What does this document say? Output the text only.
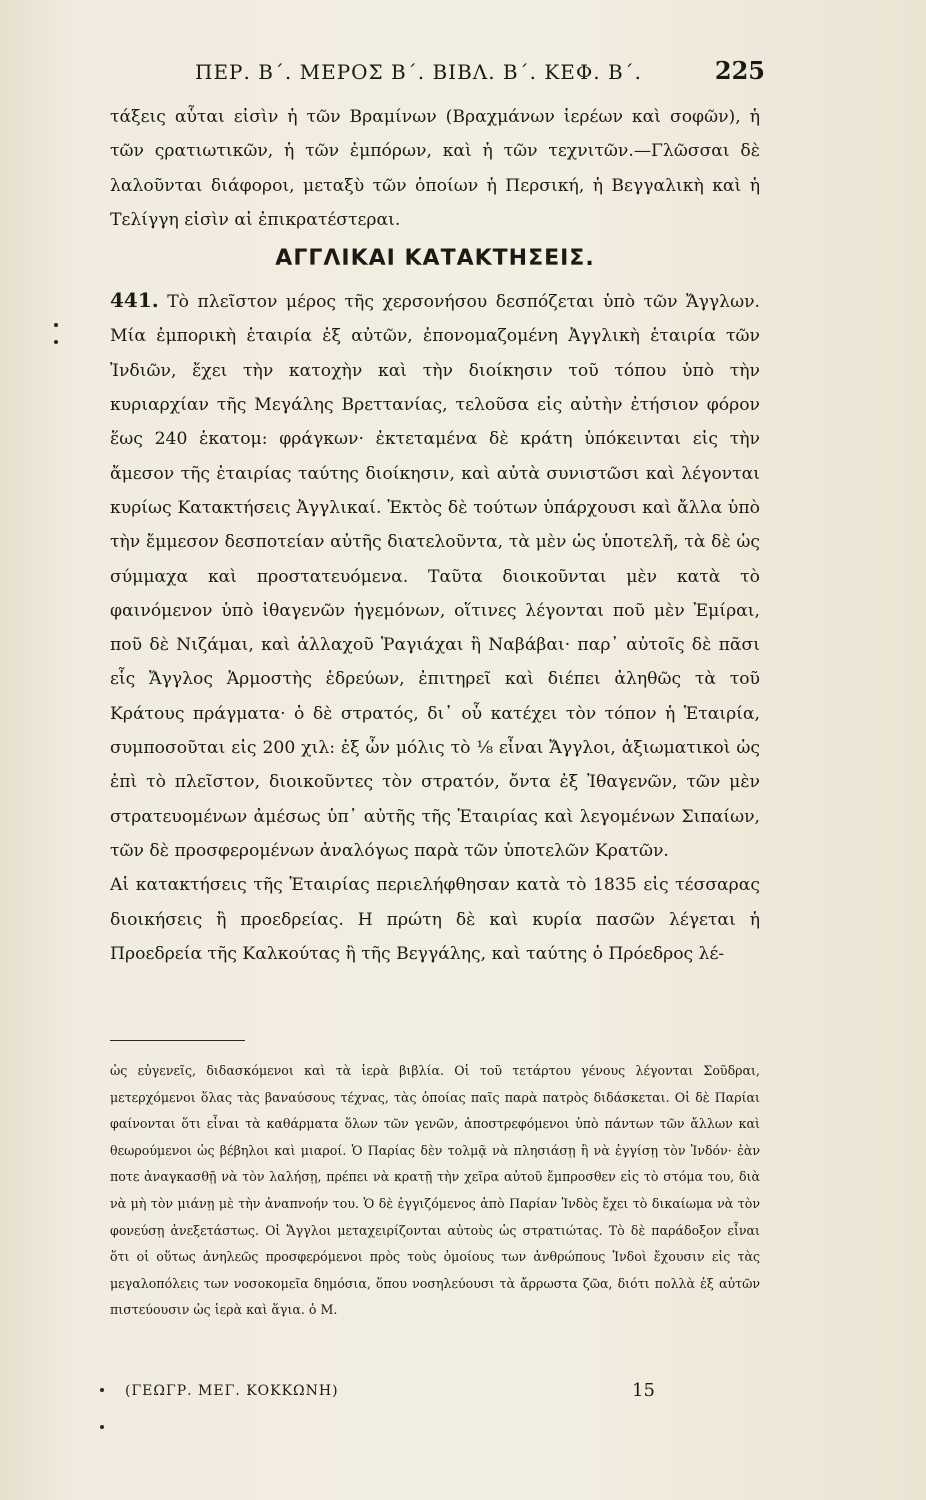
ΠΕΡ. Β΄. ΜΕΡΟΣ Β΄. ΒΙΒΛ. Β΄. ΚΕΦ. Β΄.	225

τάξεις αὗται εἰσὶν ἡ τῶν Βραμίνων (Βραχμάνων ἱερέων καὶ σοφῶν), ἡ τῶν ςρατιωτικῶν, ἡ τῶν ἐμπόρων, καὶ ἡ τῶν τεχνιτῶν.—Γλῶσσαι δὲ λαλοῦνται διάφοροι, μεταξὺ τῶν ὁποίων ἡ Περσική, ἡ Βεγγαλικὴ καὶ ἡ Τελίγγη εἰσὶν αἱ ἐπικρατέστεραι.

ΑΓΓΛΙΚΑΙ ΚΑΤΑΚΤΗΣΕΙΣ.

441. Τὸ πλεῖστον μέρος τῆς χερσονήσου δεσπόζεται ὑπὸ τῶν Ἄγγλων. Μία ἐμπορικὴ ἑταιρία ἐξ αὐτῶν, ἐπονομαζομένη Ἀγγλικὴ ἑταιρία τῶν Ἰνδιῶν, ἔχει τὴν κατοχὴν καὶ τὴν διοίκησιν τοῦ τόπου ὑπὸ τὴν κυριαρχίαν τῆς Μεγάλης Βρεττανίας, τελοῦσα εἰς αὐτὴν ἐτήσιον φόρον ἕως 240 ἑκατομ: φράγκων· ἐκτεταμένα δὲ κράτη ὑπόκεινται εἰς τὴν ἄμεσον τῆς ἑταιρίας ταύτης διοίκησιν, καὶ αὐτὰ συνιστῶσι καὶ λέγονται κυρίως Κατακτήσεις Ἀγγλικαί. Ἐκτὸς δὲ τούτων ὑπάρχουσι καὶ ἄλλα ὑπὸ τὴν ἔμμεσον δεσποτείαν αὐτῆς διατελοῦντα, τὰ μὲν ὡς ὑποτελῆ, τὰ δὲ ὡς σύμμαχα καὶ προστατευόμενα. Ταῦτα διοικοῦνται μὲν κατὰ τὸ φαινόμενον ὑπὸ ἰθαγενῶν ἡγεμόνων, οἵτινες λέγονται ποῦ μὲν Ἐμίραι, ποῦ δὲ Νιζάμαι, καὶ ἀλλαχοῦ Ῥαγιάχαι ἢ Ναβάβαι· παρ᾽ αὐτοῖς δὲ πᾶσι εἷς Ἄγγλος Ἁρμοστὴς ἑδρεύων, ἐπιτηρεῖ καὶ διέπει ἀληθῶς τὰ τοῦ Κράτους πράγματα· ὁ δὲ στρατός, δι᾽ οὗ κατέχει τὸν τόπον ἡ Ἑταιρία, συμποσοῦται εἰς 200 χιλ: ἐξ ὧν μόλις τὸ ⅛ εἶναι Ἄγγλοι, ἀξιωματικοὶ ὡς ἐπὶ τὸ πλεῖστον, διοικοῦντες τὸν στρατόν, ὄντα ἐξ Ἰθαγενῶν, τῶν μὲν στρατευομένων ἀμέσως ὑπ᾽ αὐτῆς τῆς Ἑταιρίας καὶ λεγομένων Σιπαίων, τῶν δὲ προσφερομένων ἀναλόγως παρὰ τῶν ὑποτελῶν Κρατῶν.

Αἱ κατακτήσεις τῆς Ἑταιρίας περιελήφθησαν κατὰ τὸ 1835 εἰς τέσσαρας διοικήσεις ἢ προεδρείας. Η πρώτη δὲ καὶ κυρία πασῶν λέγεται ἡ Προεδρεία τῆς Καλκούτας ἢ τῆς Βεγγάλης, καὶ ταύτης ὁ Πρόεδρος λέ-

ὡς εὐγενεῖς, διδασκόμενοι καὶ τὰ ἱερὰ βιβλία. Οἱ τοῦ τετάρτου γένους λέγονται Σοῦδραι, μετερχόμενοι ὅλας τὰς βαναύσους τέχνας, τὰς ὁποίας παῖς παρὰ πατρὸς διδάσκεται. Οἱ δὲ Παρίαι φαίνονται ὅτι εἶναι τὰ καθάρματα ὅλων τῶν γενῶν, ἀποστρεφόμενοι ὑπὸ πάντων τῶν ἄλλων καὶ θεωρούμενοι ὡς βέβηλοι καὶ μιαροί. Ὁ Παρίας δὲν τολμᾷ νὰ πλησιάσῃ ἢ νὰ ἐγγίσῃ τὸν Ἰνδόν· ἐὰν ποτε ἀναγκασθῇ νὰ τὸν λαλήσῃ, πρέπει νὰ κρατῇ τὴν χεῖρα αὐτοῦ ἔμπροσθεν εἰς τὸ στόμα του, διὰ νὰ μὴ τὸν μιάνῃ μὲ τὴν ἀναπνοήν του. Ὁ δὲ ἐγγιζόμενος ἀπὸ Παρίαν Ἰνδὸς ἔχει τὸ δικαίωμα νὰ τὸν φονεύσῃ ἀνεξετάστως. Οἱ Ἄγγλοι μεταχειρίζονται αὐτοὺς ὡς στρατιώτας. Τὸ δὲ παράδοξον εἶναι ὅτι οἱ οὕτως ἀνηλεῶς προσφερόμενοι πρὸς τοὺς ὁμοίους των ἀνθρώπους Ἰνδοὶ ἔχουσιν εἰς τὰς μεγαλοπόλεις των νοσοκομεῖα δημόσια, ὅπου νοσηλεύουσι τὰ ἄρρωστα ζῶα, διότι πολλὰ ἐξ αὐτῶν πιστεύουσιν ὡς ἱερὰ καὶ ἅγια. ὁ Μ.

(ΓΕΩΓΡ. ΜΕΓ. ΚΟΚΚΩΝΗ)	15
